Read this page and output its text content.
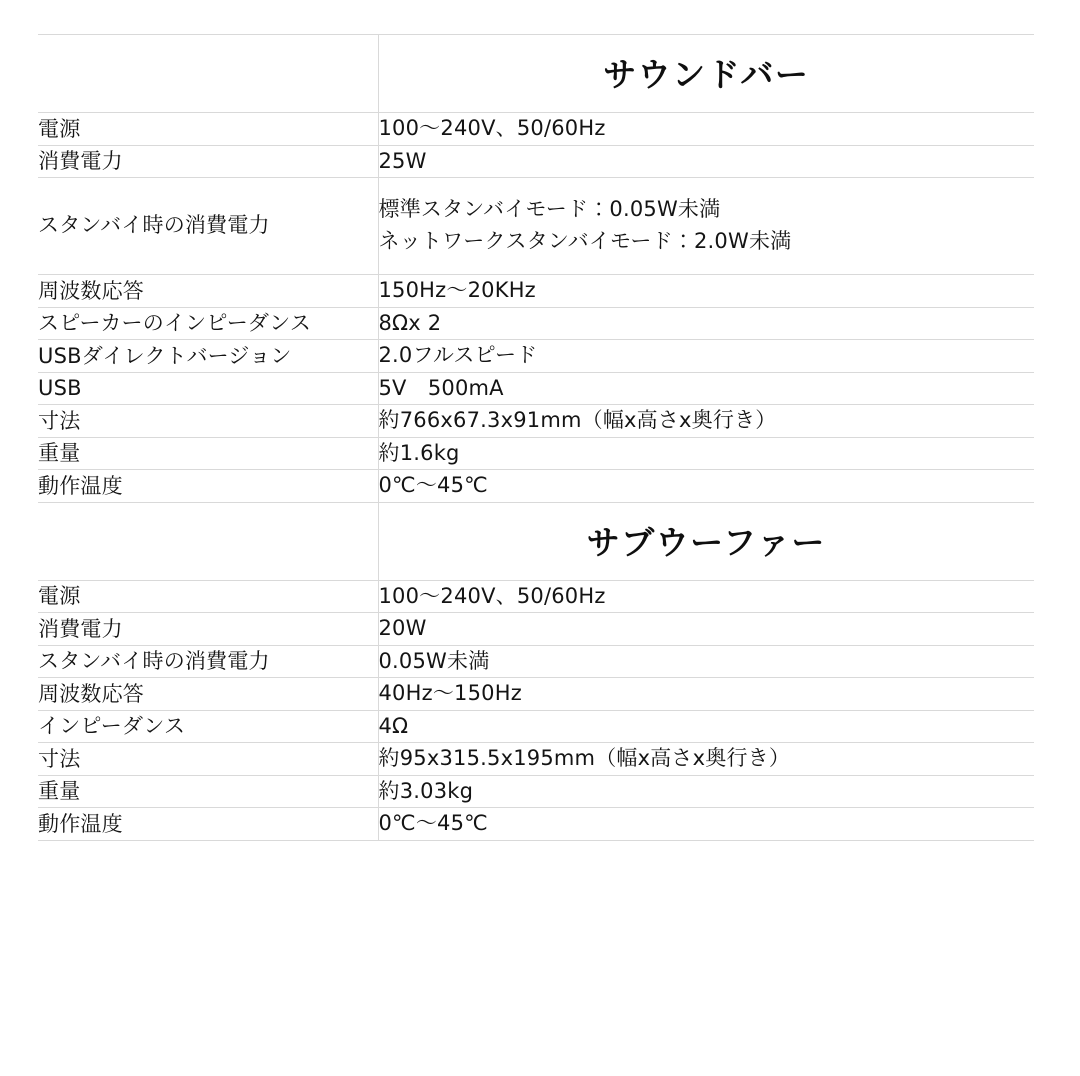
	サウンドバー
電源	100〜240V、50/60Hz

消費電力	25W

スタンバイ時の消費電力	標準スタンバイモード：0.05W未満
ネットワークスタンバイモード：2.0W未満

周波数応答	150Hz〜20KHz

スピーカーのインピーダンス	8Ωx 2

USBダイレクトバージョン	2.0フルスピード

USB	5V　500mA

寸法	約766x67.3x91mm（幅x高さx奥行き）

重量	約1.6kg

動作温度	0℃〜45℃

	サブウーファー
電源	100〜240V、50/60Hz

消費電力	20W

スタンバイ時の消費電力	0.05W未満

周波数応答	40Hz〜150Hz

インピーダンス	4Ω

寸法	約95x315.5x195mm（幅x高さx奥行き）

重量	約3.03kg

動作温度	0℃〜45℃
